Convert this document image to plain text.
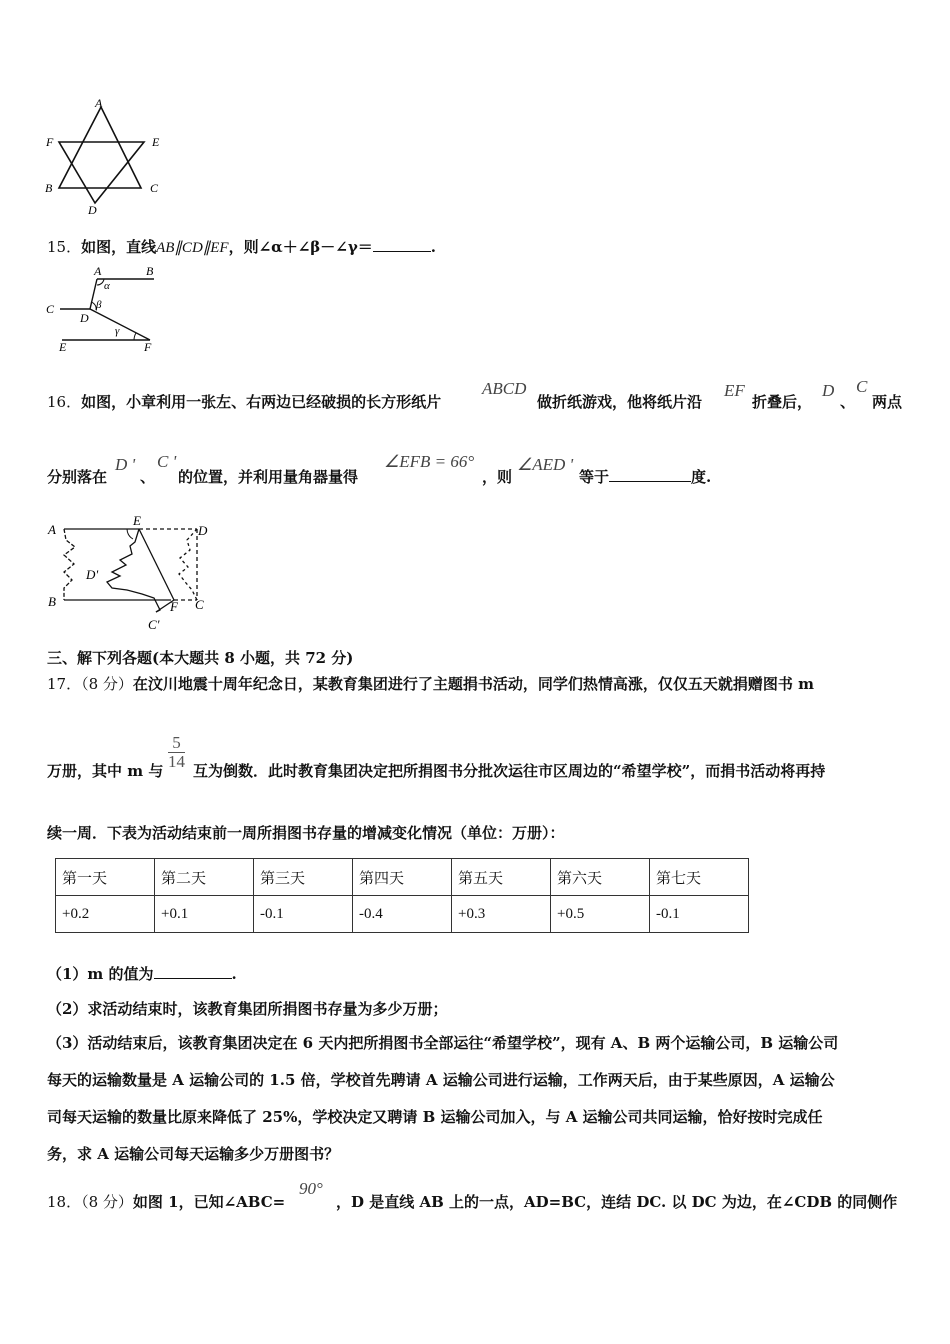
A
F	E
B	C
D
15．如图，直线AB∥CD∥EF，则∠α＋∠β－∠γ＝	.
A	B
α
β
C
D
γ
E	F
16．如图，小章利用一张左、右两边已经破损的长方形纸片
ABCD
做折纸游戏，他将纸片沿
EF
折叠后，
D
、
C
两点
分别落在
D '
、
C '
的位置，并利用量角器量得
∠EFB = 66°
，则
∠AED '
等于	度.
A
E
D
D'
B	F C
C'
三、解下列各题(本大题共 8 小题，共 72 分)
17．（8 分）在汶川地震十周年纪念日，某教育集团进行了主题捐书活动，同学们热情高涨，仅仅五天就捐赠图书 m
万册，其中 m 与 $\frac{5}{14}$ 互为倒数．此时教育集团决定把所捐图书分批次运往市区周边的“希望学校”，而捐书活动将再持
续一周．下表为活动结束前一周所捐图书存量的增减变化情况（单位：万册）：
第一天	第二天	第三天	第四天	第五天	第六天	第七天
+0.2	+0.1	-0.1	-0.4	+0.3	+0.5	-0.1
（1）m 的值为	.
（2）求活动结束时，该教育集团所捐图书存量为多少万册；
（3）活动结束后，该教育集团决定在 6 天内把所捐图书全部运往“希望学校”，现有 A、B 两个运输公司，B 运输公司
每天的运输数量是 A 运输公司的 1.5 倍，学校首先聘请 A 运输公司进行运输，工作两天后，由于某些原因，A 运输公
司每天运输的数量比原来降低了 25%，学校决定又聘请 B 运输公司加入，与 A 运输公司共同运输，恰好按时完成任
务，求 A 运输公司每天运输多少万册图书？
18．（8 分）如图 1，已知∠ABC=
90°
，D 是直线 AB 上的一点，AD=BC，连结 DC. 以 DC 为边，在∠CDB 的同侧作
